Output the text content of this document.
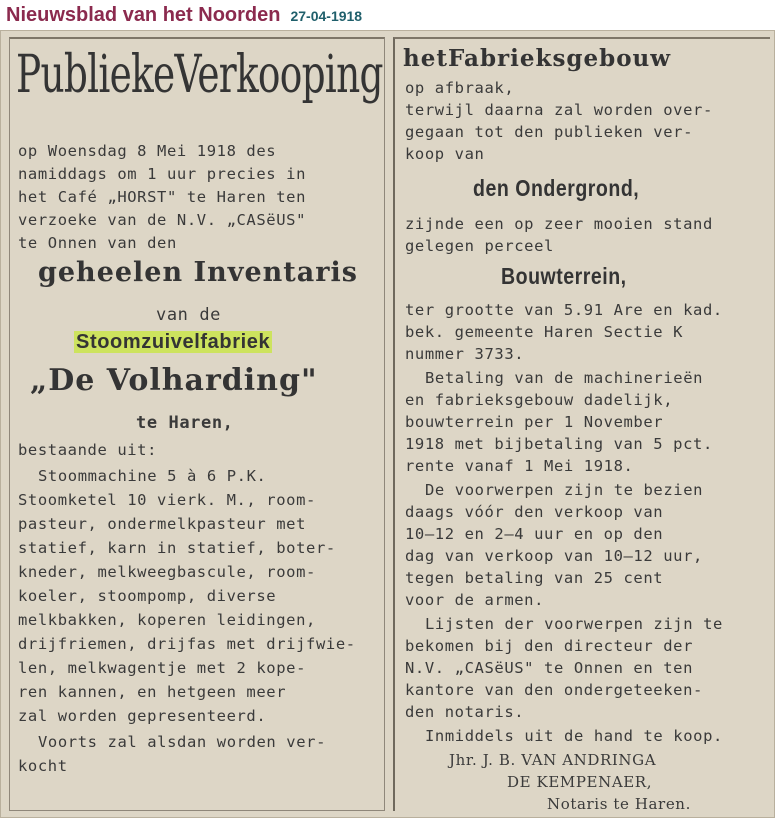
Nieuwsblad van het Noorden 27-04-1918
PubliekeVerkooping
op Woensdag 8 Mei 1918 des
namiddags om 1 uur precies in
het Café „HORST" te Haren ten
verzoeke van de N.V. „CASëUS"
te Onnen van den
geheelen Inventaris
van de
Stoomzuivelfabriek
„De Volharding"
te Haren,
bestaande uit:
Stoommachine 5 à 6 P.K.
Stoomketel 10 vierk. M., room-
pasteur, ondermelkpasteur met
statief, karn in statief, boter-
kneder, melkweegbascule, room-
koeler, stoompomp, diverse
melkbakken, koperen leidingen,
drijfriemen, drijfas met drijfwie-
len, melkwagentje met 2 kope-
ren kannen, en hetgeen meer
zal worden gepresenteerd.
Voorts zal alsdan worden ver-
kocht
hetFabrieksgebouw
op afbraak,
terwijl daarna zal worden over-
gegaan tot den publieken ver-
koop van
den Ondergrond,
zijnde een op zeer mooien stand
gelegen perceel
Bouwterrein,
ter grootte van 5.91 Are en kad.
bek. gemeente Haren Sectie K
nummer 3733.
Betaling van de machinerieën
en fabrieksgebouw dadelijk,
bouwterrein per 1 November
1918 met bijbetaling van 5 pct.
rente vanaf 1 Mei 1918.
De voorwerpen zijn te bezien
daags vóór den verkoop van
10—12 en 2—4 uur en op den
dag van verkoop van 10—12 uur,
tegen betaling van 25 cent
voor de armen.
Lijsten der voorwerpen zijn te
bekomen bij den directeur der
N.V. „CASëUS" te Onnen en ten
kantore van den ondergeteeken-
den notaris.
Inmiddels uit de hand te koop.
Jhr. J. B. VAN ANDRINGA
DE KEMPENAER,
Notaris te Haren.
